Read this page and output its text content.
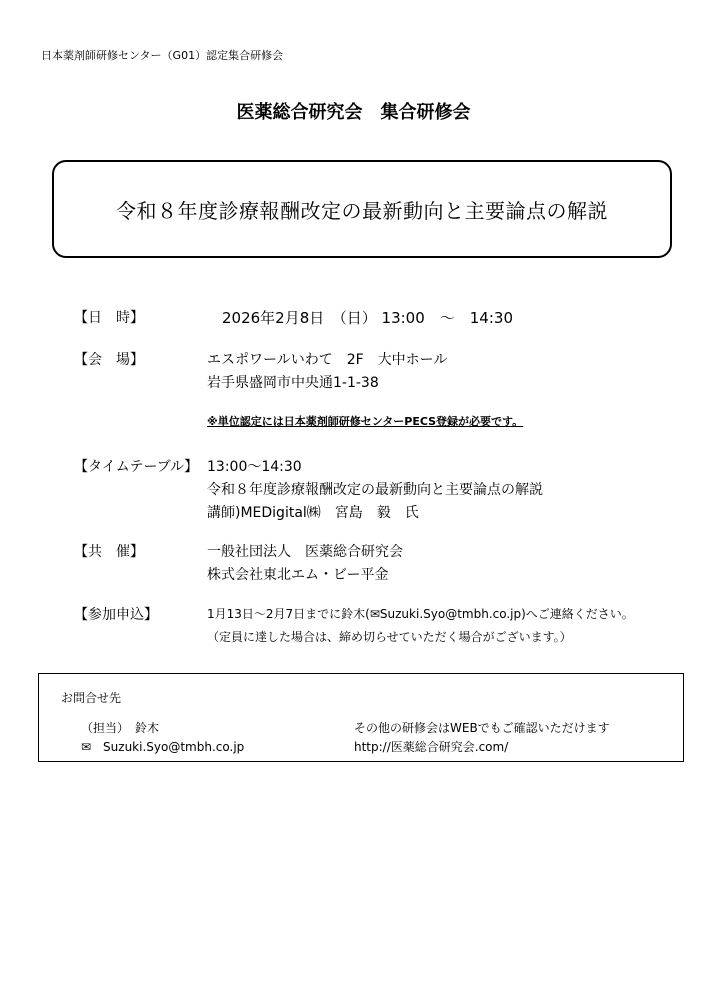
日本薬剤師研修センター（G01）認定集合研修会
医薬総合研究会　集合研修会
令和８年度診療報酬改定の最新動向と主要論点の解説
【日　時】	2026年2月8日　（日） 13:00　～　14:30
【会　場】	エスポワールいわて　2F　大中ホール
岩手県盛岡市中央通1-1-38
※単位認定には日本薬剤師研修センターPECS登録が必要です。
【タイムテーブル】 13:00～14:30
令和８年度診療報酬改定の最新動向と主要論点の解説
講師)MEDigital㈱　宮島　毅　氏
【共　催】	一般社団法人　医薬総合研究会
株式会社東北エム・ビー平金
【参加申込】	1月13日～2月7日までに鈴木(✉Suzuki.Syo@tmbh.co.jp)へご連絡ください。
（定員に達した場合は、締め切らせていただく場合がございます。）
お問合せ先
（担当）　鈴木
✉　Suzuki.Syo@tmbh.co.jp
その他の研修会はWEBでもご確認いただけます
http://医薬総合研究会.com/
